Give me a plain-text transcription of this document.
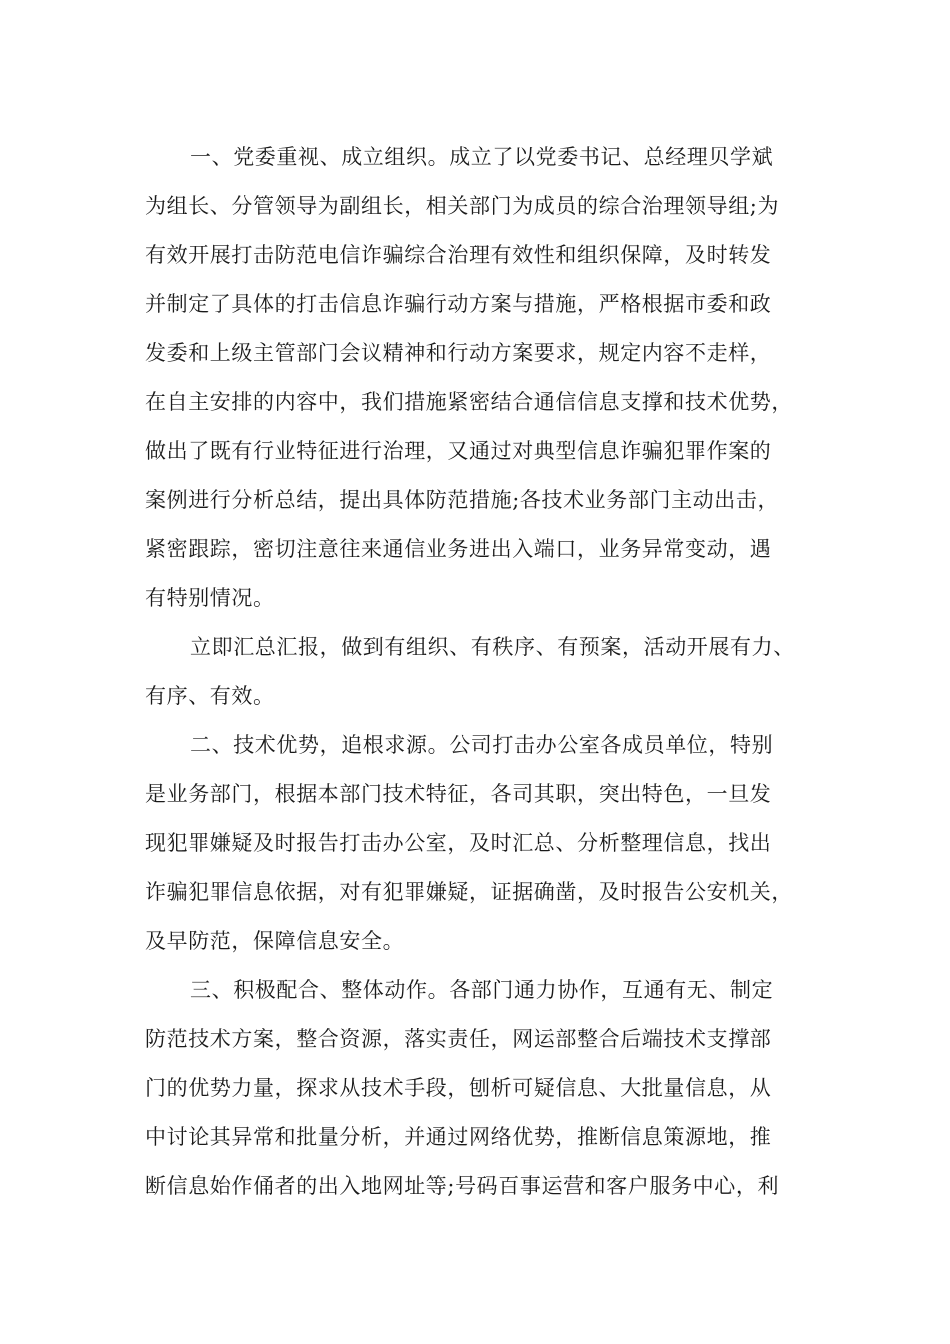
一、党委重视、成立组织。成立了以党委书记、总经理贝学斌
为组长、分管领导为副组长，相关部门为成员的综合治理领导组;为
有效开展打击防范电信诈骗综合治理有效性和组织保障，及时转发
并制定了具体的打击信息诈骗行动方案与措施，严格根据市委和政
发委和上级主管部门会议精神和行动方案要求，规定内容不走样，
在自主安排的内容中，我们措施紧密结合通信信息支撑和技术优势，
做出了既有行业特征进行治理，又通过对典型信息诈骗犯罪作案的
案例进行分析总结，提出具体防范措施;各技术业务部门主动出击，
紧密跟踪，密切注意往来通信业务进出入端口，业务异常变动，遇
有特别情况。
立即汇总汇报，做到有组织、有秩序、有预案，活动开展有力、
有序、有效。
二、技术优势，追根求源。公司打击办公室各成员单位，特别
是业务部门，根据本部门技术特征，各司其职，突出特色，一旦发
现犯罪嫌疑及时报告打击办公室，及时汇总、分析整理信息，找出
诈骗犯罪信息依据，对有犯罪嫌疑，证据确凿，及时报告公安机关，
及早防范，保障信息安全。
三、积极配合、整体动作。各部门通力协作，互通有无、制定
防范技术方案，整合资源，落实责任，网运部整合后端技术支撑部
门的优势力量，探求从技术手段，刨析可疑信息、大批量信息，从
中讨论其异常和批量分析，并通过网络优势，推断信息策源地，推
断信息始作俑者的出入地网址等;号码百事运营和客户服务中心，利
